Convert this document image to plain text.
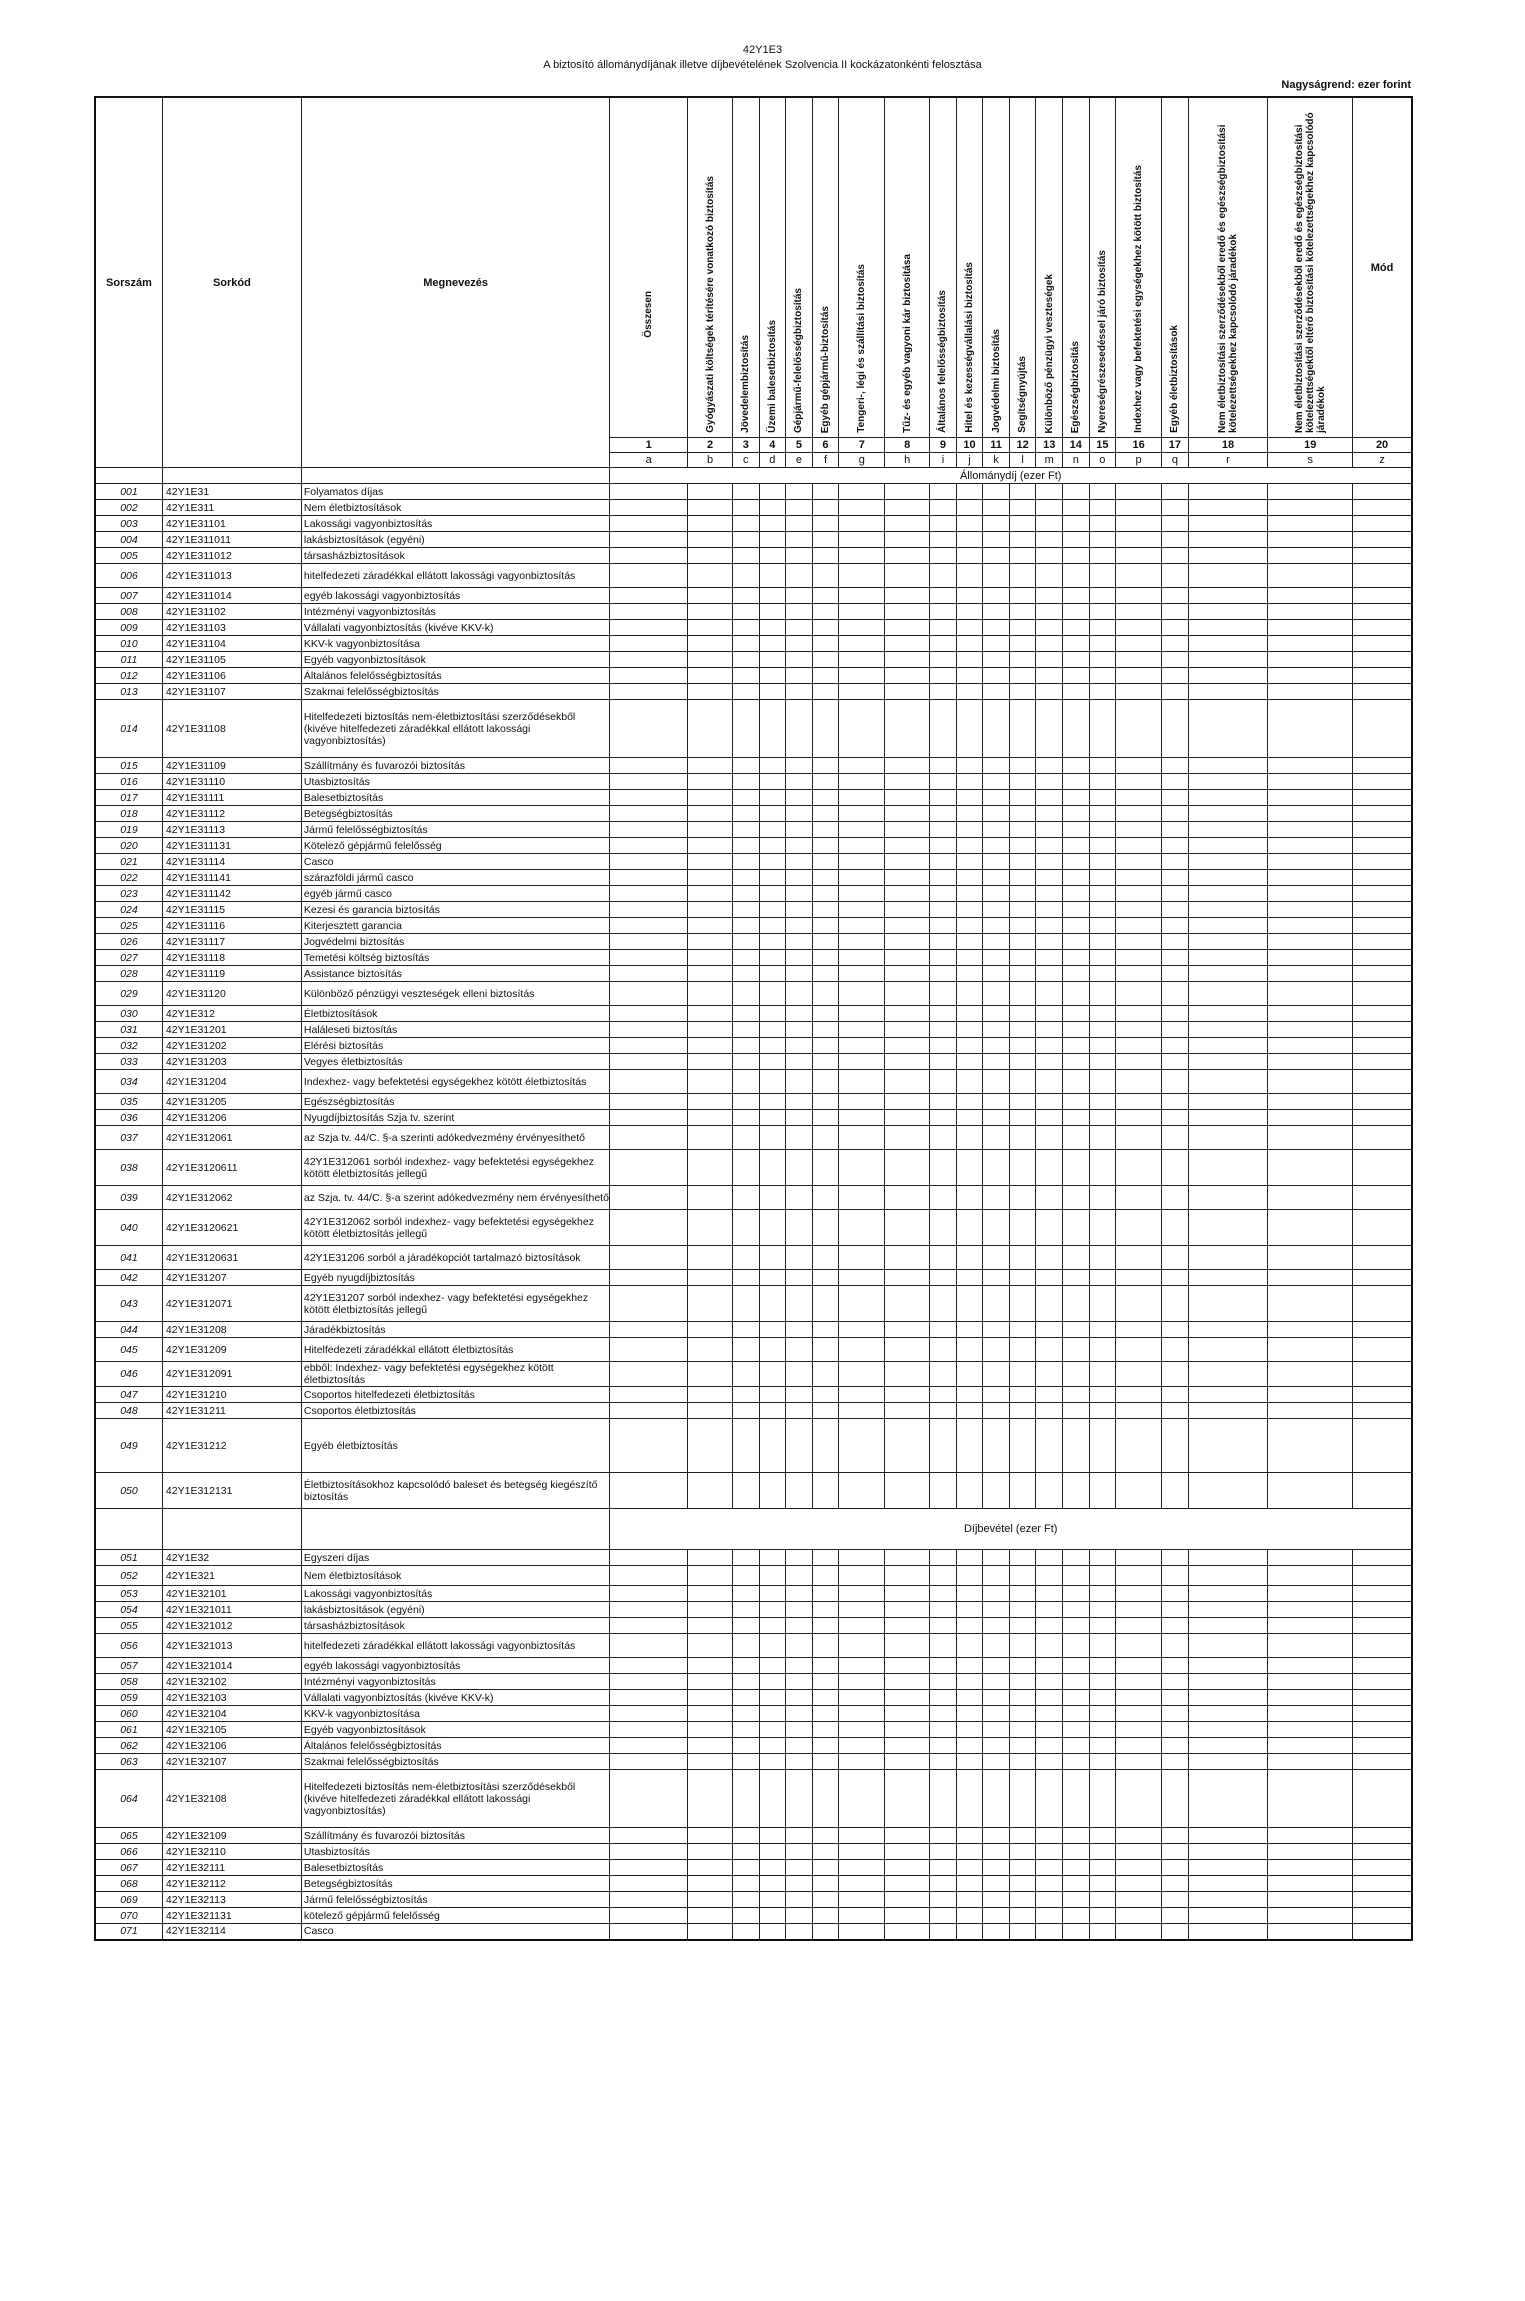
42Y1E3
A biztosító állománydíjának illetve díjbevételének Szolvencia II kockázatonkénti felosztása
Nagyságrend: ezer forint
Sorszám	Sorkód	Megnevezés	Összesen	Gyógyászati költségek térítésére vonatkozó biztosítás	Jövedelembiztosítás	Üzemi balesetbiztosítás	Gépjármű-felelősségbiztosítás	Egyéb gépjármű-biztosítás	Tengeri-, légi és szállítási biztosítás	Tűz- és egyéb vagyoni kár biztosítása	Általános felelősségbiztosítás	Hitel és kezességvállalási biztosítás	Jogvédelmi biztosítás	Segítségnyújtás	Különböző pénzügyi veszteségek	Egészségbiztosítás	Nyereségrészesedéssel járó biztosítás	Indexhez vagy befektetési egységekhez kötött biztosítás	Egyéb életbiztosítások	Nem életbiztosítási szerződésekből eredő és egészségbiztosítási kötelezettségekhez kapcsolódó járadékok	Nem életbiztosítási szerződésekből eredő és egészségbiztosítási kötelezettségektől eltérő biztosítási kötelezettségekhez kapcsolódó járadékok	Mód
			1	2	3	4	5	6	7	8	9	10	11	12	13	14	15	16	17	18	19	20
			a	b	c	d	e	f	g	h	i	j	k	l	m	n	o	p	q	r	s	z
			Állománydíj (ezer Ft)																			
001	42Y1E31	Folyamatos díjas																				
002	42Y1E311	Nem életbiztosítások																				
003	42Y1E31101	Lakossági vagyonbiztosítás																				
004	42Y1E311011	lakásbiztosítások (egyéni)																				
005	42Y1E311012	társasházbiztosítások																				
006	42Y1E311013	hitelfedezeti záradékkal ellátott lakossági vagyonbiztosítás																				
007	42Y1E311014	egyéb lakossági vagyonbiztosítás																				
008	42Y1E31102	Intézményi vagyonbiztosítás																				
009	42Y1E31103	Vállalati vagyonbiztosítás (kivéve KKV-k)																				
010	42Y1E31104	KKV-k vagyonbiztosítása																				
011	42Y1E31105	Egyéb vagyonbiztosítások																				
012	42Y1E31106	Általános felelősségbiztosítás																				
013	42Y1E31107	Szakmai felelősségbiztosítás																				
014	42Y1E31108	Hitelfedezeti biztosítás nem-életbiztosítási szerződésekből (kivéve hitelfedezeti záradékkal ellátott lakossági vagyonbiztosítás)																				
015	42Y1E31109	Szállítmány és fuvarozói biztosítás																				
016	42Y1E31110	Utasbiztosítás																				
017	42Y1E31111	Balesetbiztosítás																				
018	42Y1E31112	Betegségbiztosítás																				
019	42Y1E31113	Jármű felelősségbiztosítás																				
020	42Y1E311131	Kötelező gépjármű felelősség																				
021	42Y1E31114	Casco																				
022	42Y1E311141	szárazföldi jármű casco																				
023	42Y1E311142	egyéb jármű casco																				
024	42Y1E31115	Kezesi és garancia biztosítás																				
025	42Y1E31116	Kiterjesztett garancia																				
026	42Y1E31117	Jogvédelmi biztosítás																				
027	42Y1E31118	Temetési költség biztosítás																				
028	42Y1E31119	Assistance biztosítás																				
029	42Y1E31120	Különböző pénzügyi veszteségek elleni biztosítás																				
030	42Y1E312	Életbiztosítások																				
031	42Y1E31201	Haláleseti biztosítás																				
032	42Y1E31202	Elérési biztosítás																				
033	42Y1E31203	Vegyes életbiztosítás																				
034	42Y1E31204	Indexhez- vagy befektetési egységekhez kötött életbiztosítás																				
035	42Y1E31205	Egészségbiztosítás																				
036	42Y1E31206	Nyugdíjbiztosítás Szja tv. szerint																				
037	42Y1E312061	az Szja tv. 44/C. §-a szerinti adókedvezmény érvényesíthető																				
038	42Y1E3120611	42Y1E312061 sorból indexhez- vagy befektetési egységekhez kötött életbiztosítás jellegű																				
039	42Y1E312062	az Szja. tv. 44/C. §-a szerint adókedvezmény nem érvényesíthető																				
040	42Y1E3120621	42Y1E312062 sorból indexhez- vagy befektetési egységekhez kötött életbiztosítás jellegű																				
041	42Y1E3120631	42Y1E31206 sorból a járadékopciót tartalmazó biztosítások																				
042	42Y1E31207	Egyéb nyugdíjbiztosítás																				
043	42Y1E312071	42Y1E31207 sorból indexhez- vagy befektetési egységekhez kötött életbiztosítás jellegű																				
044	42Y1E31208	Járadékbiztosítás																				
045	42Y1E31209	Hitelfedezeti záradékkal ellátott életbiztosítás																				
046	42Y1E312091	ebből: Indexhez- vagy befektetési egységekhez kötött életbiztosítás																				
047	42Y1E31210	Csoportos hitelfedezeti életbiztosítás																				
048	42Y1E31211	Csoportos életbiztosítás																				
049	42Y1E31212	Egyéb életbiztosítás																				
050	42Y1E312131	Életbiztosításokhoz kapcsolódó baleset és betegség kiegészítő biztosítás																				
			Díjbevétel (ezer Ft)																			
051	42Y1E32	Egyszeri díjas																				
052	42Y1E321	Nem életbiztosítások																				
053	42Y1E32101	Lakossági vagyonbiztosítás																				
054	42Y1E321011	lakásbiztosítások (egyéni)																				
055	42Y1E321012	társasházbiztosítások																				
056	42Y1E321013	hitelfedezeti záradékkal ellátott lakossági vagyonbiztosítás																				
057	42Y1E321014	egyéb lakossági vagyonbiztosítás																				
058	42Y1E32102	Intézményi vagyonbiztosítás																				
059	42Y1E32103	Vállalati vagyonbiztosítás (kivéve KKV-k)																				
060	42Y1E32104	KKV-k vagyonbiztosítása																				
061	42Y1E32105	Egyéb vagyonbiztosítások																				
062	42Y1E32106	Általános felelősségbiztosítás																				
063	42Y1E32107	Szakmai felelősségbiztosítás																				
064	42Y1E32108	Hitelfedezeti biztosítás nem-életbiztosítási szerződésekből (kivéve hitelfedezeti záradékkal ellátott lakossági vagyonbiztosítás)																				
065	42Y1E32109	Szállítmány és fuvarozói biztosítás																				
066	42Y1E32110	Utasbiztosítás																				
067	42Y1E32111	Balesetbiztosítás																				
068	42Y1E32112	Betegségbiztosítás																				
069	42Y1E32113	Jármű felelősségbiztosítás																				
070	42Y1E321131	kötelező gépjármű felelősség																				
071	42Y1E32114	Casco																				
